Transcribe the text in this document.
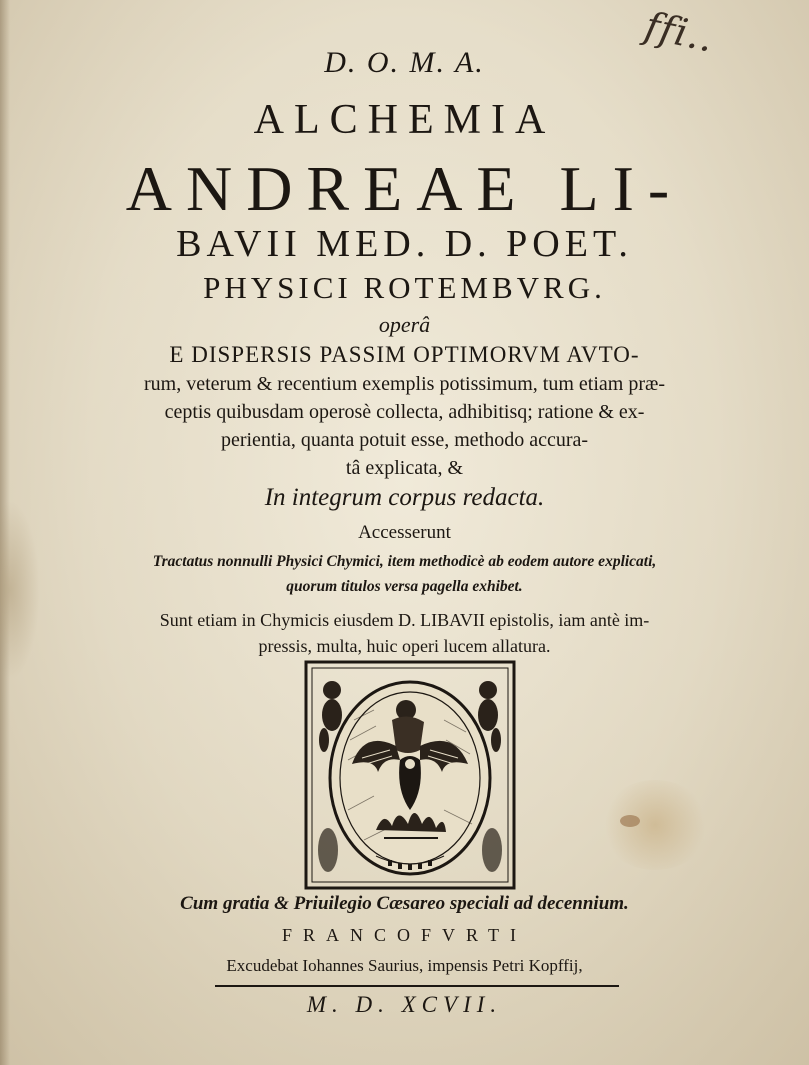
ffi..
D. O. M. A.
ALCHEMIA
ANDREAE LI-
BAVII MED. D. POET.
PHYSICI ROTEMBVRG.
operâ
E DISPERSIS PASSIM OPTIMORVM AVTO-
rum, veterum & recentium exemplis potissimum, tum etiam præ-
ceptis quibusdam operosè collecta, adhibitisq; ratione & ex-
perientia, quanta potuit esse, methodo accura-
tâ explicata, &
In integrum corpus redacta.
Accesserunt
Tractatus nonnulli Physici Chymici, item methodicè ab eodem autore explicati,
quorum titulos versa pagella exhibet.
Sunt etiam in Chymicis eiusdem D. LIBAVII epistolis, iam antè im-
pressis, multa, huic operi lucem allatura.
Cum gratia & Priuilegio Cæsareo speciali ad decennium.
FRANCOFVRTI
Excudebat Iohannes Saurius, impensis Petri Kopffij,
M. D. XCVII.
